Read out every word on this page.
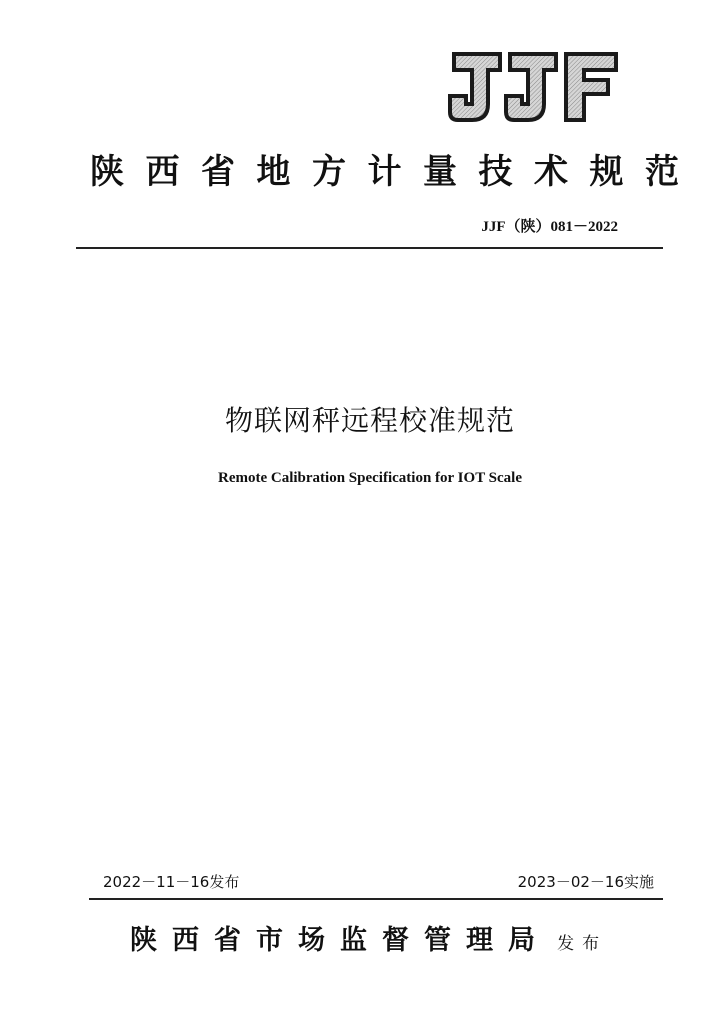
陕西省地方计量技术规范
JJF（陕）081－2022
物联网秤远程校准规范
Remote Calibration Specification for IOT Scale
2022－11－16发布	2023－02－16实施
陕西省市场监督管理局 发布
